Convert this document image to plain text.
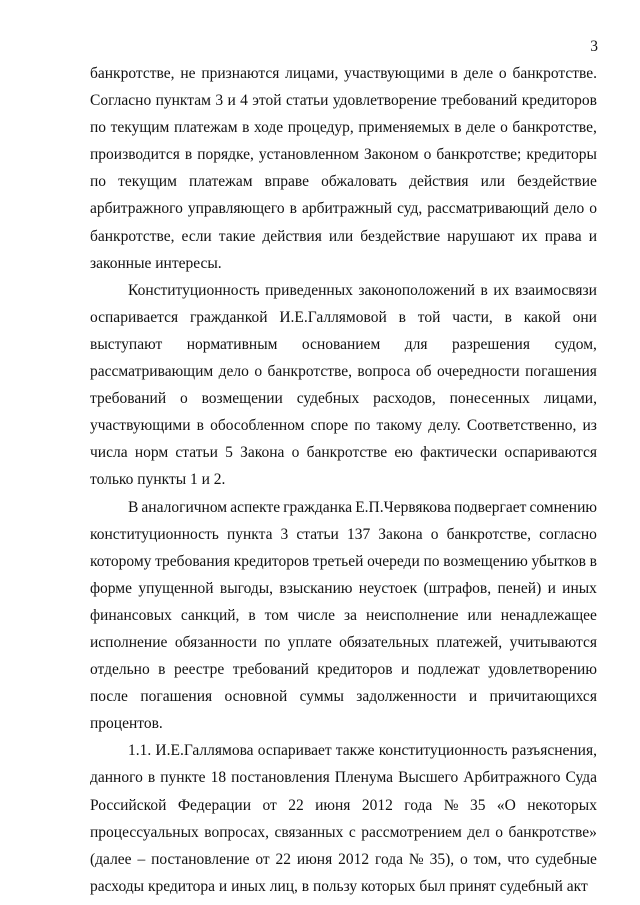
3
банкротстве, не признаются лицами, участвующими в деле о банкротстве.
Согласно пунктам 3 и 4 этой статьи удовлетворение требований кредиторов
по текущим платежам в ходе процедур, применяемых в деле о банкротстве,
производится в порядке, установленном Законом о банкротстве; кредиторы
по текущим платежам вправе обжаловать действия или бездействие
арбитражного управляющего в арбитражный суд, рассматривающий дело о
банкротстве, если такие действия или бездействие нарушают их права и
законные интересы.
Конституционность приведенных законоположений в их взаимосвязи
оспаривается гражданкой И.Е.Галлямовой в той части, в какой они
выступают нормативным основанием для разрешения судом,
рассматривающим дело о банкротстве, вопроса об очередности погашения
требований о возмещении судебных расходов, понесенных лицами,
участвующими в обособленном споре по такому делу. Соответственно, из
числа норм статьи 5 Закона о банкротстве ею фактически оспариваются
только пункты 1 и 2.
В аналогичном аспекте гражданка Е.П.Червякова подвергает сомнению
конституционность пункта 3 статьи 137 Закона о банкротстве, согласно
которому требования кредиторов третьей очереди по возмещению убытков в
форме упущенной выгоды, взысканию неустоек (штрафов, пеней) и иных
финансовых санкций, в том числе за неисполнение или ненадлежащее
исполнение обязанности по уплате обязательных платежей, учитываются
отдельно в реестре требований кредиторов и подлежат удовлетворению
после погашения основной суммы задолженности и причитающихся
процентов.
1.1. И.Е.Галлямова оспаривает также конституционность разъяснения,
данного в пункте 18 постановления Пленума Высшего Арбитражного Суда
Российской Федерации от 22 июня 2012 года № 35 «О некоторых
процессуальных вопросах, связанных с рассмотрением дел о банкротстве»
(далее – постановление от 22 июня 2012 года № 35), о том, что судебные
расходы кредитора и иных лиц, в пользу которых был принят судебный акт
